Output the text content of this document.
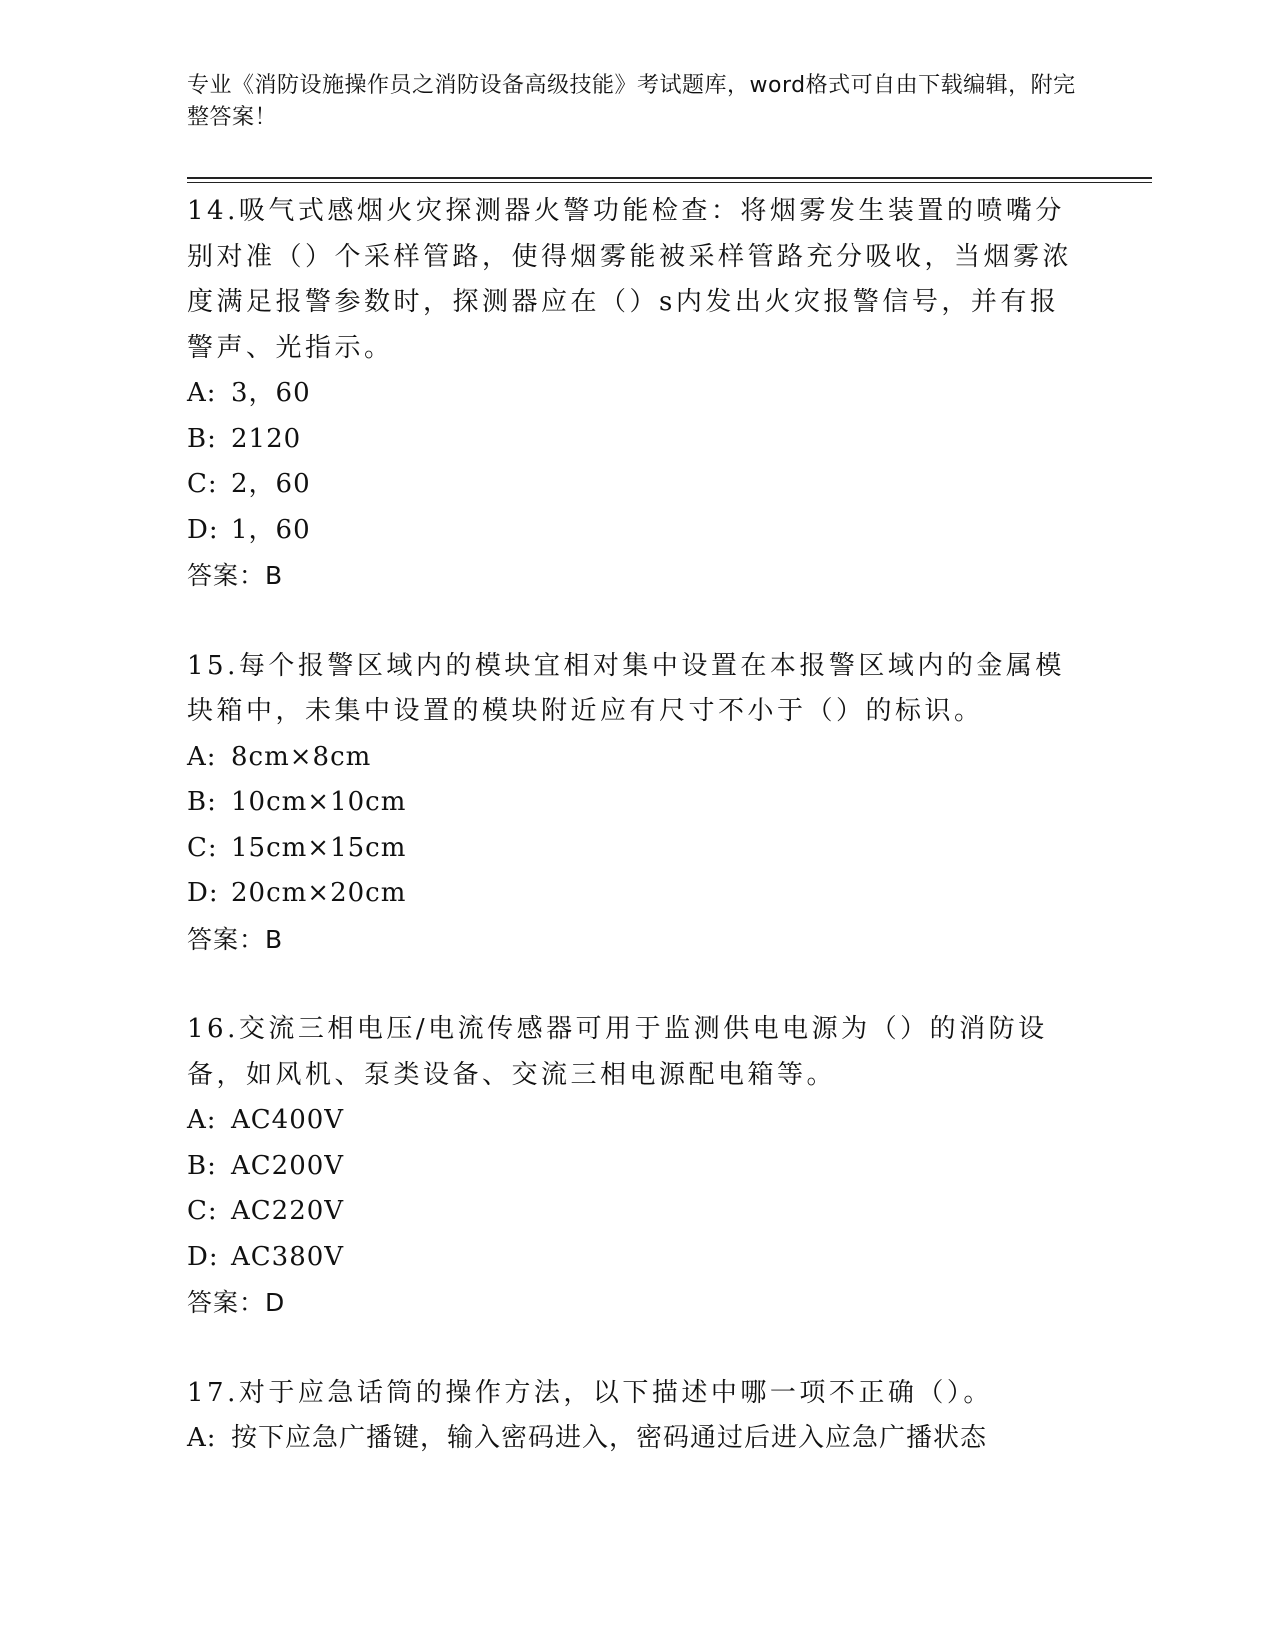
专业《消防设施操作员之消防设备高级技能》考试题库，word格式可自由下载编辑，附完整答案！

14.吸气式感烟火灾探测器火警功能检查：将烟雾发生装置的喷嘴分别对准（）个采样管路，使得烟雾能被采样管路充分吸收，当烟雾浓度满足报警参数时，探测器应在（）s内发出火灾报警信号，并有报警声、光指示。

A: 3，60

B: 2120

C: 2，60

D: 1，60

答案：B

15.每个报警区域内的模块宜相对集中设置在本报警区域内的金属模块箱中，未集中设置的模块附近应有尺寸不小于（）的标识。

A: 8cm×8cm

B: 10cm×10cm

C: 15cm×15cm

D: 20cm×20cm

答案：B

16.交流三相电压/电流传感器可用于监测供电电源为（）的消防设备，如风机、泵类设备、交流三相电源配电箱等。

A: AC400V

B: AC200V

C: AC220V

D: AC380V

答案：D

17.对于应急话筒的操作方法，以下描述中哪一项不正确（）。

A: 按下应急广播键，输入密码进入，密码通过后进入应急广播状态
